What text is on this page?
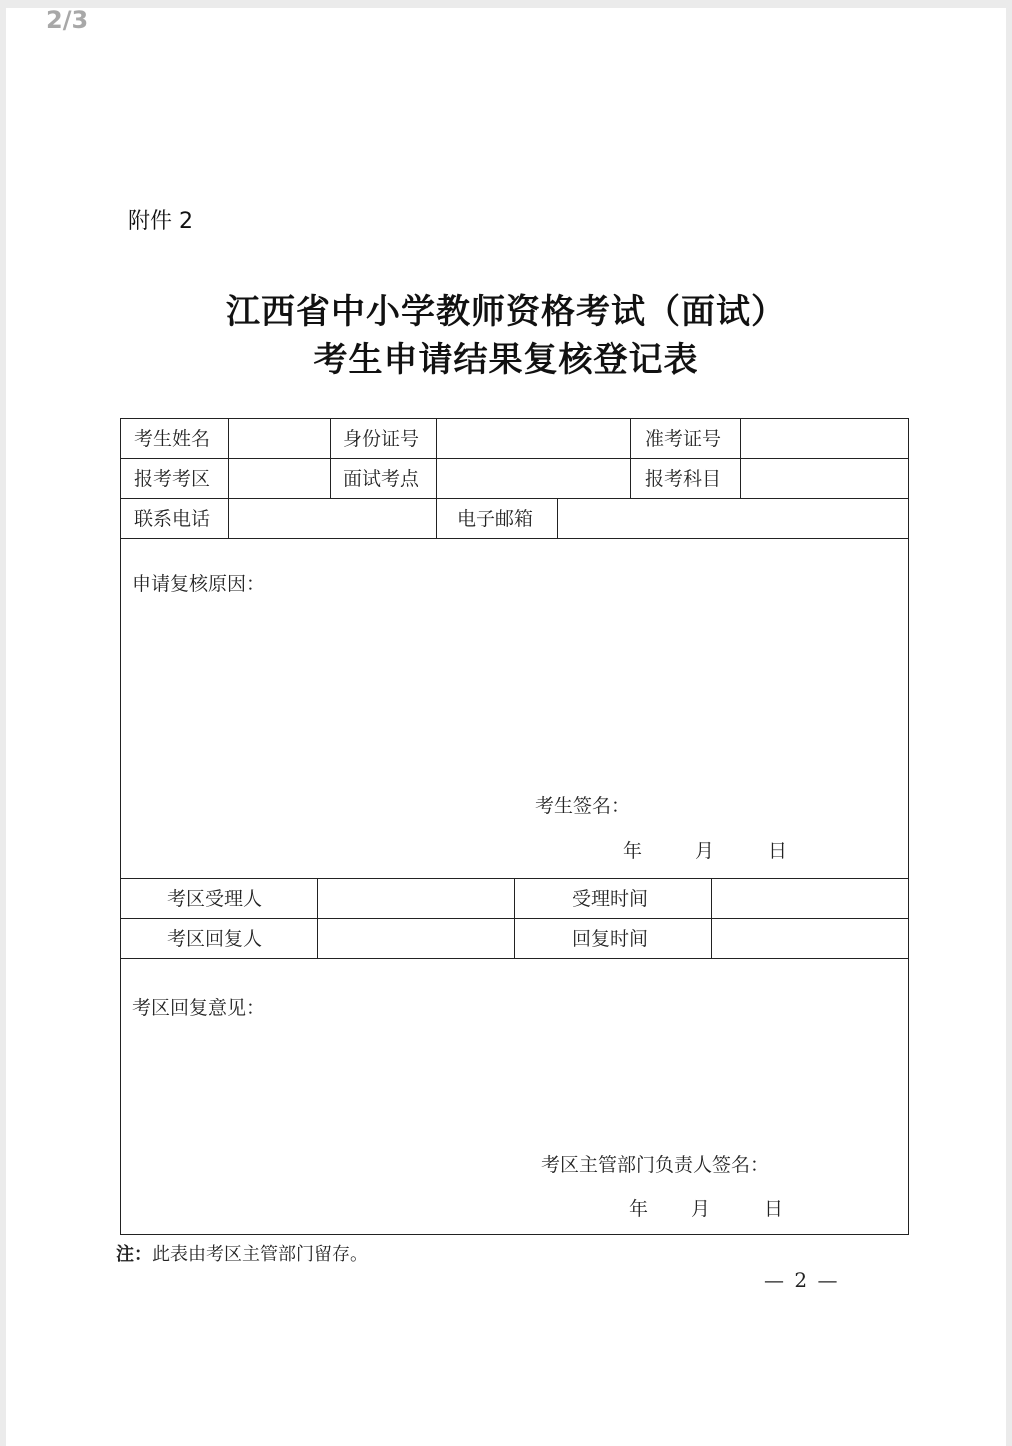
2/3
附件 2
江西省中小学教师资格考试（面试）
考生申请结果复核登记表
考生姓名	身份证号	准考证号
报考考区	面试考点	报考科目
联系电话	电子邮箱
申请复核原因：
考生签名：
年	月	日
考区受理人	受理时间
考区回复人	回复时间
考区回复意见：
考区主管部门负责人签名：
年 月	日
注：此表由考区主管部门留存。
— 2 —
